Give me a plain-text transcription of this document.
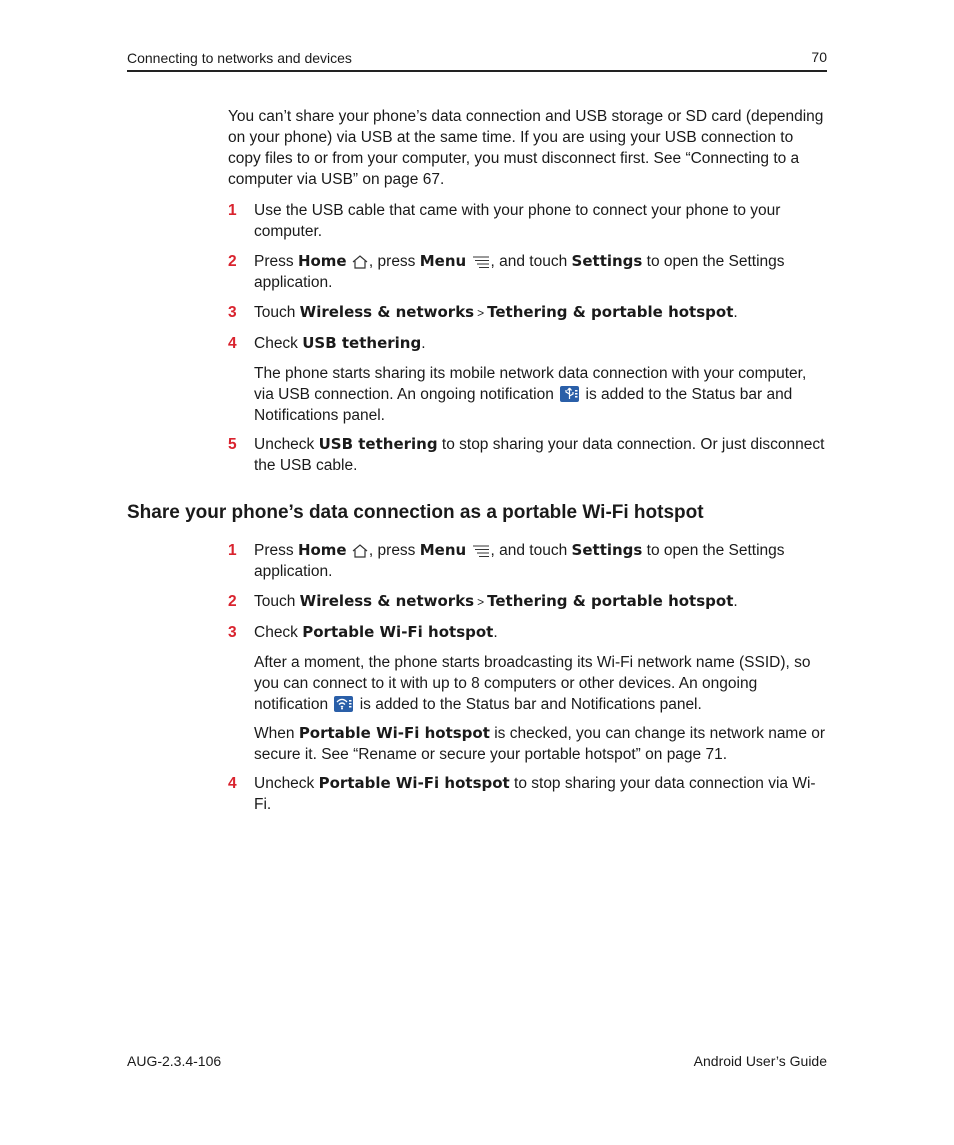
Connecting to networks and devices	70

You can’t share your phone’s data connection and USB storage or SD card (depending on your phone) via USB at the same time. If you are using your USB connection to copy files to or from your computer, you must disconnect first. See “Connecting to a computer via USB” on page 67.

1 Use the USB cable that came with your phone to connect your phone to your computer.
2 Press Home , press Menu , and touch Settings to open the Settings application.
3 Touch Wireless & networks > Tethering & portable hotspot.
4 Check USB tethering.
The phone starts sharing its mobile network data connection with your computer, via USB connection. An ongoing notification
is added to the Status bar and Notifications panel.
5 Uncheck USB tethering to stop sharing your data connection. Or just disconnect the USB cable.
Share your phone’s data connection as a portable Wi-Fi hotspot
1 Press Home , press Menu , and touch Settings to open the Settings application.
2 Touch Wireless & networks > Tethering & portable hotspot.
3 Check Portable Wi-Fi hotspot.
After a moment, the phone starts broadcasting its Wi-Fi network name (SSID), so you can connect to it with up to 8 computers or other devices. An ongoing notification
is added to the Status bar and Notifications panel.
When Portable Wi-Fi hotspot is checked, you can change its network name or secure it. See “Rename or secure your portable hotspot” on page 71.
4 Uncheck Portable Wi-Fi hotspot to stop sharing your data connection via Wi-Fi.
AUG-2.3.4-106	Android User’s Guide
